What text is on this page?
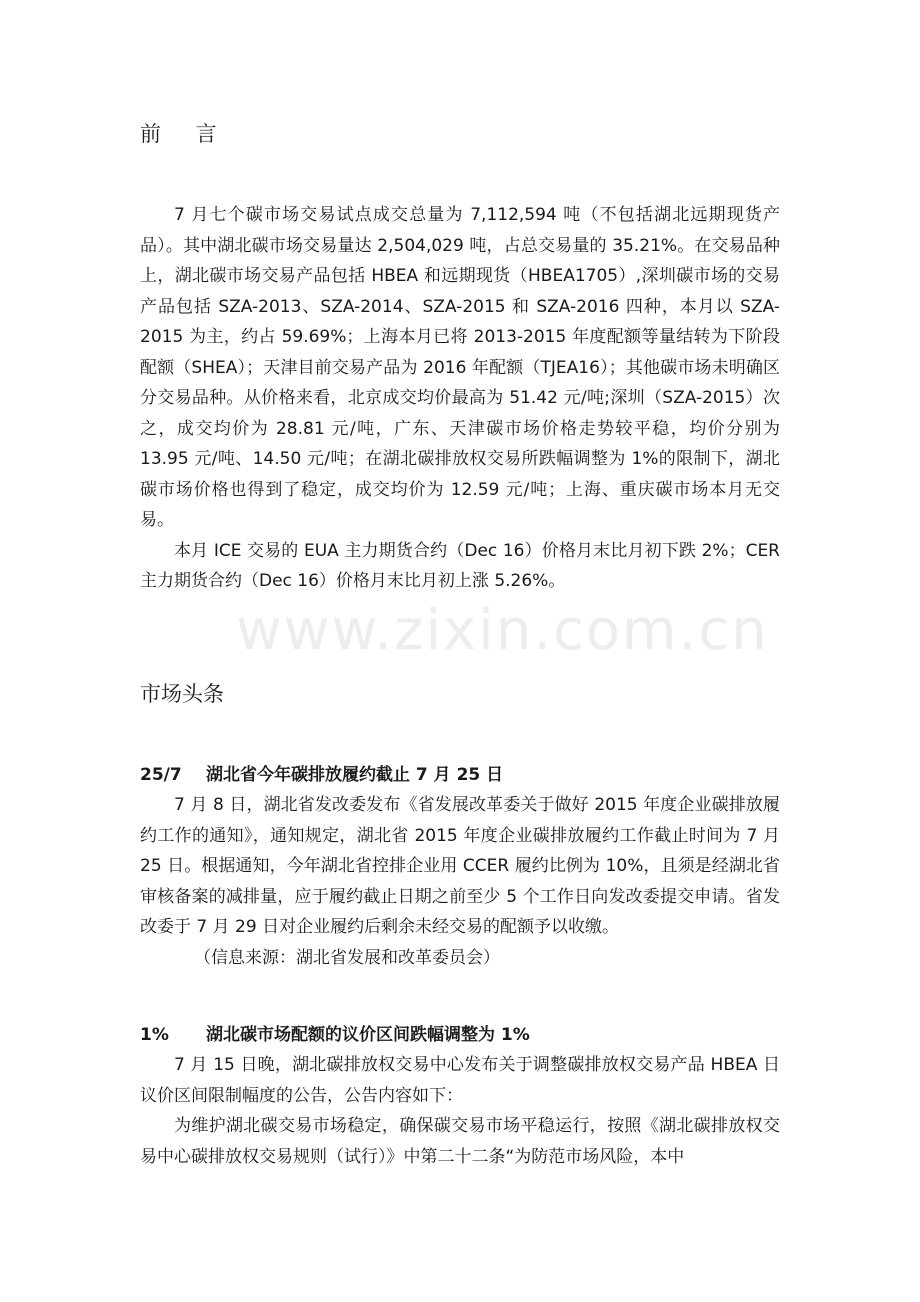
前 言

7 月七个碳市场交易试点成交总量为 7,112,594 吨（不包括湖北远期现货产品）。其中湖北碳市场交易量达 2,504,029 吨，占总交易量的 35.21%。在交易品种上，湖北碳市场交易产品包括 HBEA 和远期现货（HBEA1705）,深圳碳市场的交易产品包括 SZA-2013、SZA-2014、SZA-2015 和 SZA-2016 四种，本月以 SZA-2015 为主，约占 59.69%；上海本月已将 2013-2015 年度配额等量结转为下阶段配额（SHEA）；天津目前交易产品为 2016 年配额（TJEA16）；其他碳市场未明确区分交易品种。从价格来看，北京成交均价最高为 51.42 元/吨;深圳（SZA-2015）次之，成交均价为 28.81 元/吨，广东、天津碳市场价格走势较平稳，均价分别为 13.95 元/吨、14.50 元/吨；在湖北碳排放权交易所跌幅调整为 1%的限制下，湖北碳市场价格也得到了稳定，成交均价为 12.59 元/吨；上海、重庆碳市场本月无交易。

本月 ICE 交易的 EUA 主力期货合约（Dec 16）价格月末比月初下跌 2%；CER 主力期货合约（Dec 16）价格月末比月初上涨 5.26%。

市场头条

25/7 湖北省今年碳排放履约截止 7 月 25 日

7 月 8 日，湖北省发改委发布《省发展改革委关于做好 2015 年度企业碳排放履约工作的通知》，通知规定，湖北省 2015 年度企业碳排放履约工作截止时间为 7 月 25 日。根据通知，今年湖北省控排企业用 CCER 履约比例为 10%，且须是经湖北省审核备案的减排量，应于履约截止日期之前至少 5 个工作日向发改委提交申请。省发改委于 7 月 29 日对企业履约后剩余未经交易的配额予以收缴。

（信息来源：湖北省发展和改革委员会）

1% 湖北碳市场配额的议价区间跌幅调整为 1%

7 月 15 日晚，湖北碳排放权交易中心发布关于调整碳排放权交易产品 HBEA 日议价区间限制幅度的公告，公告内容如下：

为维护湖北碳交易市场稳定，确保碳交易市场平稳运行，按照《湖北碳排放权交易中心碳排放权交易规则（试行）》中第二十二条“为防范市场风险，本中

www.zixin.com.cn
